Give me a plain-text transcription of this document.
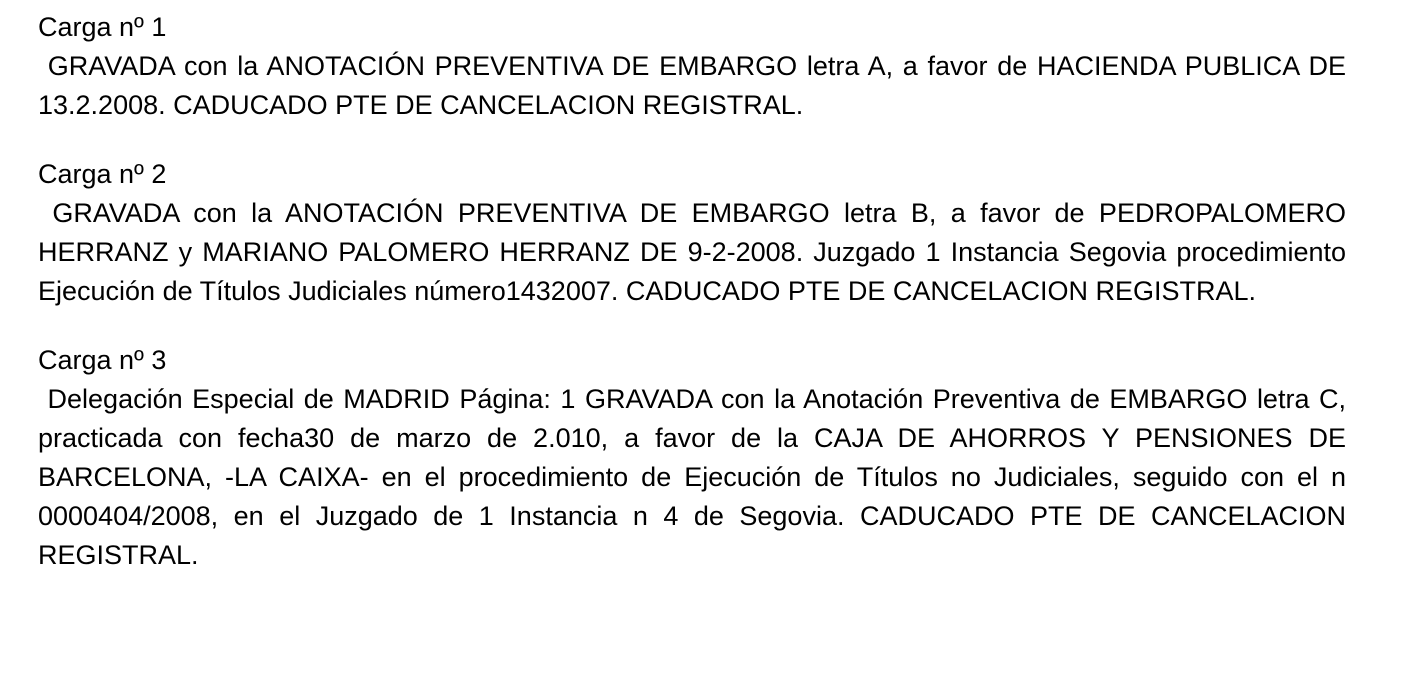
Carga nº 1
GRAVADA con la ANOTACIÓN PREVENTIVA DE EMBARGO letra A, a favor de HACIENDA PUBLICA DE 13.2.2008. CADUCADO PTE DE CANCELACION REGISTRAL.
Carga nº 2
GRAVADA con la ANOTACIÓN PREVENTIVA DE EMBARGO letra B, a favor de PEDROPALOMERO HERRANZ y MARIANO PALOMERO HERRANZ DE 9-2-2008. Juzgado 1 Instancia Segovia procedimiento Ejecución de Títulos Judiciales número1432007. CADUCADO PTE DE CANCELACION REGISTRAL.
Carga nº 3
Delegación Especial de MADRID Página: 1 GRAVADA con la Anotación Preventiva de EMBARGO letra C, practicada con fecha30 de marzo de 2.010, a favor de la CAJA DE AHORROS Y PENSIONES DE BARCELONA, -LA CAIXA- en el procedimiento de Ejecución de Títulos no Judiciales, seguido con el n 0000404/2008, en el Juzgado de 1 Instancia n 4 de Segovia. CADUCADO PTE DE CANCELACION REGISTRAL.
